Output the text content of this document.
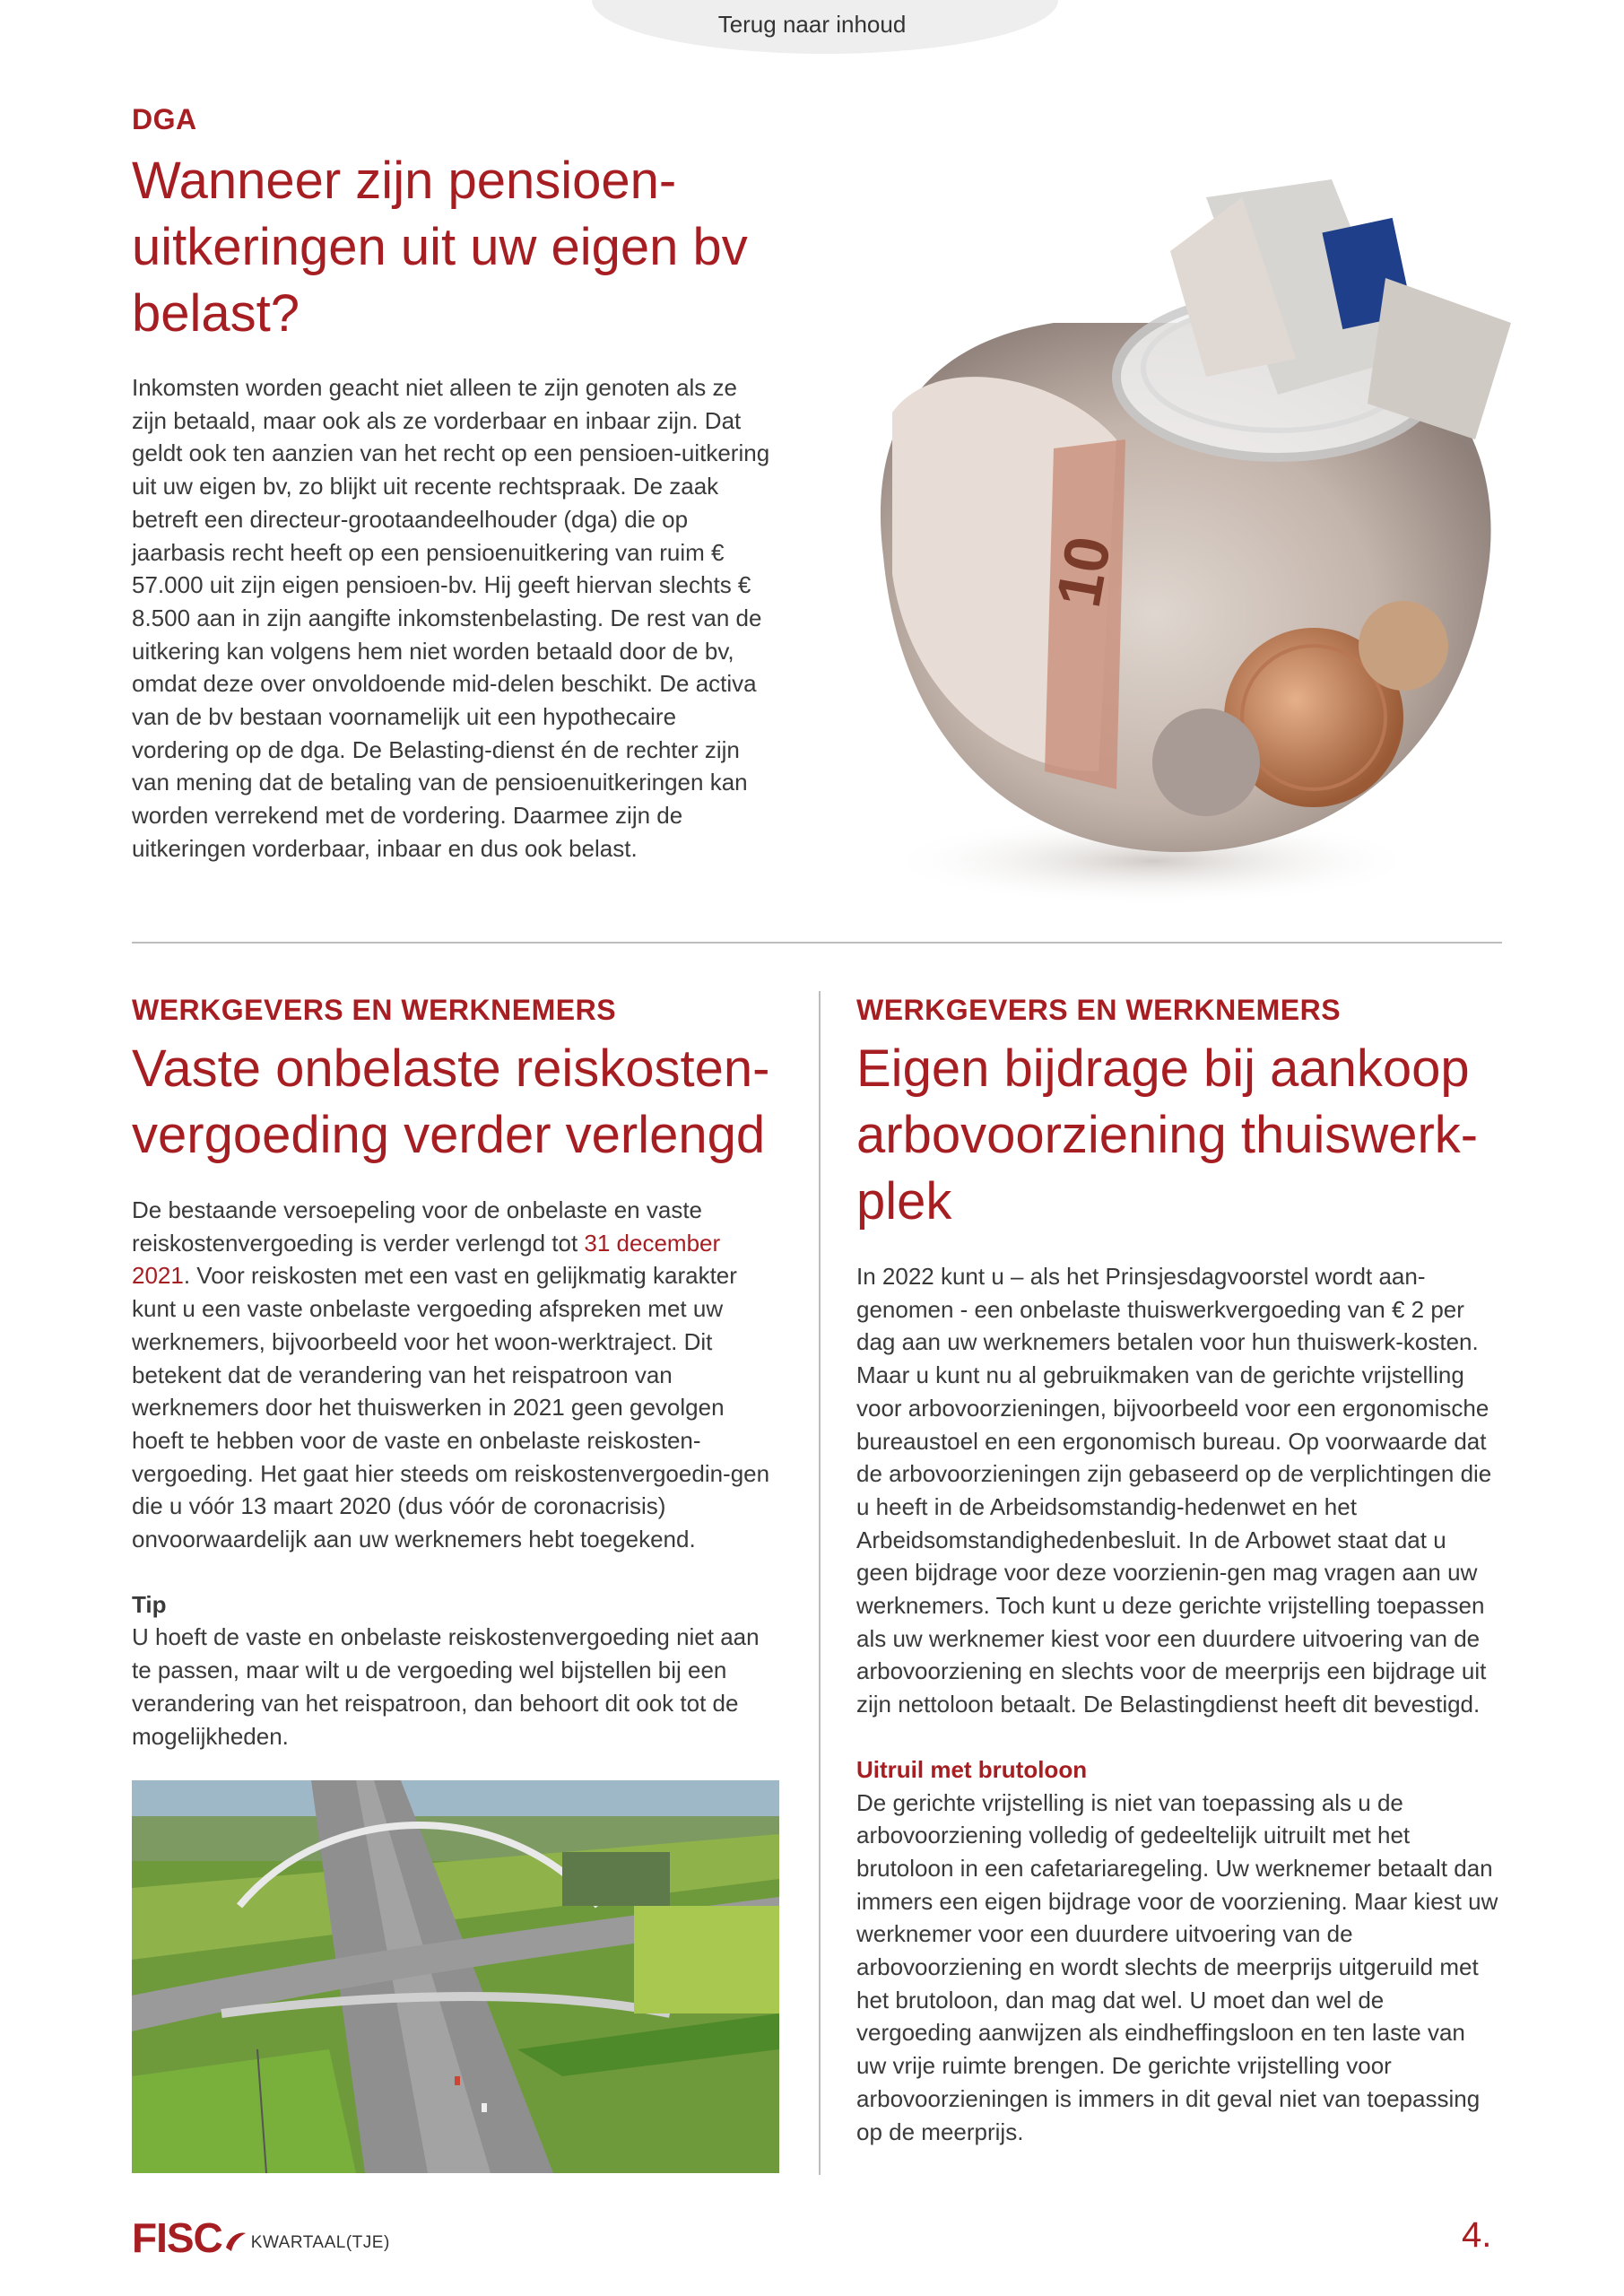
Terug naar inhoud
DGA
Wanneer zijn pensioen-
uitkeringen uit uw eigen bv
belast?

Inkomsten worden geacht niet alleen te zijn genoten als ze zijn betaald, maar ook als ze vorderbaar en inbaar zijn. Dat geldt ook ten aanzien van het recht op een pensioen-uitkering uit uw eigen bv, zo blijkt uit recente rechtspraak. De zaak betreft een directeur-grootaandeelhouder (dga) die op jaarbasis recht heeft op een pensioenuitkering van ruim € 57.000 uit zijn eigen pensioen-bv. Hij geeft hiervan slechts € 8.500 aan in zijn aangifte inkomstenbelasting. De rest van de uitkering kan volgens hem niet worden betaald door de bv, omdat deze over onvoldoende mid-delen beschikt. De activa van de bv bestaan voornamelijk uit een hypothecaire vordering op de dga. De Belasting-dienst én de rechter zijn van mening dat de betaling van de pensioenuitkeringen kan worden verrekend met de vordering. Daarmee zijn de uitkeringen vorderbaar, inbaar en dus ook belast.

10
WERKGEVERS EN WERKNEMERS
Vaste onbelaste reiskosten-
vergoeding verder verlengd

De bestaande versoepeling voor de onbelaste en vaste reiskostenvergoeding is verder verlengd tot 31 december 2021. Voor reiskosten met een vast en gelijkmatig karakter kunt u een vaste onbelaste vergoeding afspreken met uw werknemers, bijvoorbeeld voor het woon-werktraject. Dit betekent dat de verandering van het reispatroon van werknemers door het thuiswerken in 2021 geen gevolgen hoeft te hebben voor de vaste en onbelaste reiskosten-vergoeding. Het gaat hier steeds om reiskostenvergoedin-gen die u vóór 13 maart 2020 (dus vóór de coronacrisis) onvoorwaardelijk aan uw werknemers hebt toegekend.

Tip

U hoeft de vaste en onbelaste reiskostenvergoeding niet aan te passen, maar wilt u de vergoeding wel bijstellen bij een verandering van het reispatroon, dan behoort dit ook tot de mogelijkheden.

WERKGEVERS EN WERKNEMERS
Eigen bijdrage bij aankoop
arbovoorziening thuiswerk-
plek

In 2022 kunt u – als het Prinsjesdagvoorstel wordt aan-genomen - een onbelaste thuiswerkvergoeding van € 2 per dag aan uw werknemers betalen voor hun thuiswerk-kosten. Maar u kunt nu al gebruikmaken van de gerichte vrijstelling voor arbovoorzieningen, bijvoorbeeld voor een ergonomische bureaustoel en een ergonomisch bureau. Op voorwaarde dat de arbovoorzieningen zijn gebaseerd op de verplichtingen die u heeft in de Arbeidsomstandig-hedenwet en het Arbeidsomstandighedenbesluit. In de Arbowet staat dat u geen bijdrage voor deze voorzienin-gen mag vragen aan uw werknemers. Toch kunt u deze gerichte vrijstelling toepassen als uw werknemer kiest voor een duurdere uitvoering van de arbovoorziening en slechts voor de meerprijs een bijdrage uit zijn nettoloon betaalt. De Belastingdienst heeft dit bevestigd.

Uitruil met brutoloon

De gerichte vrijstelling is niet van toepassing als u de arbovoorziening volledig of gedeeltelijk uitruilt met het brutoloon in een cafetariaregeling. Uw werknemer betaalt dan immers een eigen bijdrage voor de voorziening. Maar kiest uw werknemer voor een duurdere uitvoering van de arbovoorziening en wordt slechts de meerprijs uitgeruild met het brutoloon, dan mag dat wel. U moet dan wel de vergoeding aanwijzen als eindheffingsloon en ten laste van uw vrije ruimte brengen. De gerichte vrijstelling voor arbovoorzieningen is immers in dit geval niet van toepassing op de meerprijs.

FISC KWARTAAL(TJE)	4.
